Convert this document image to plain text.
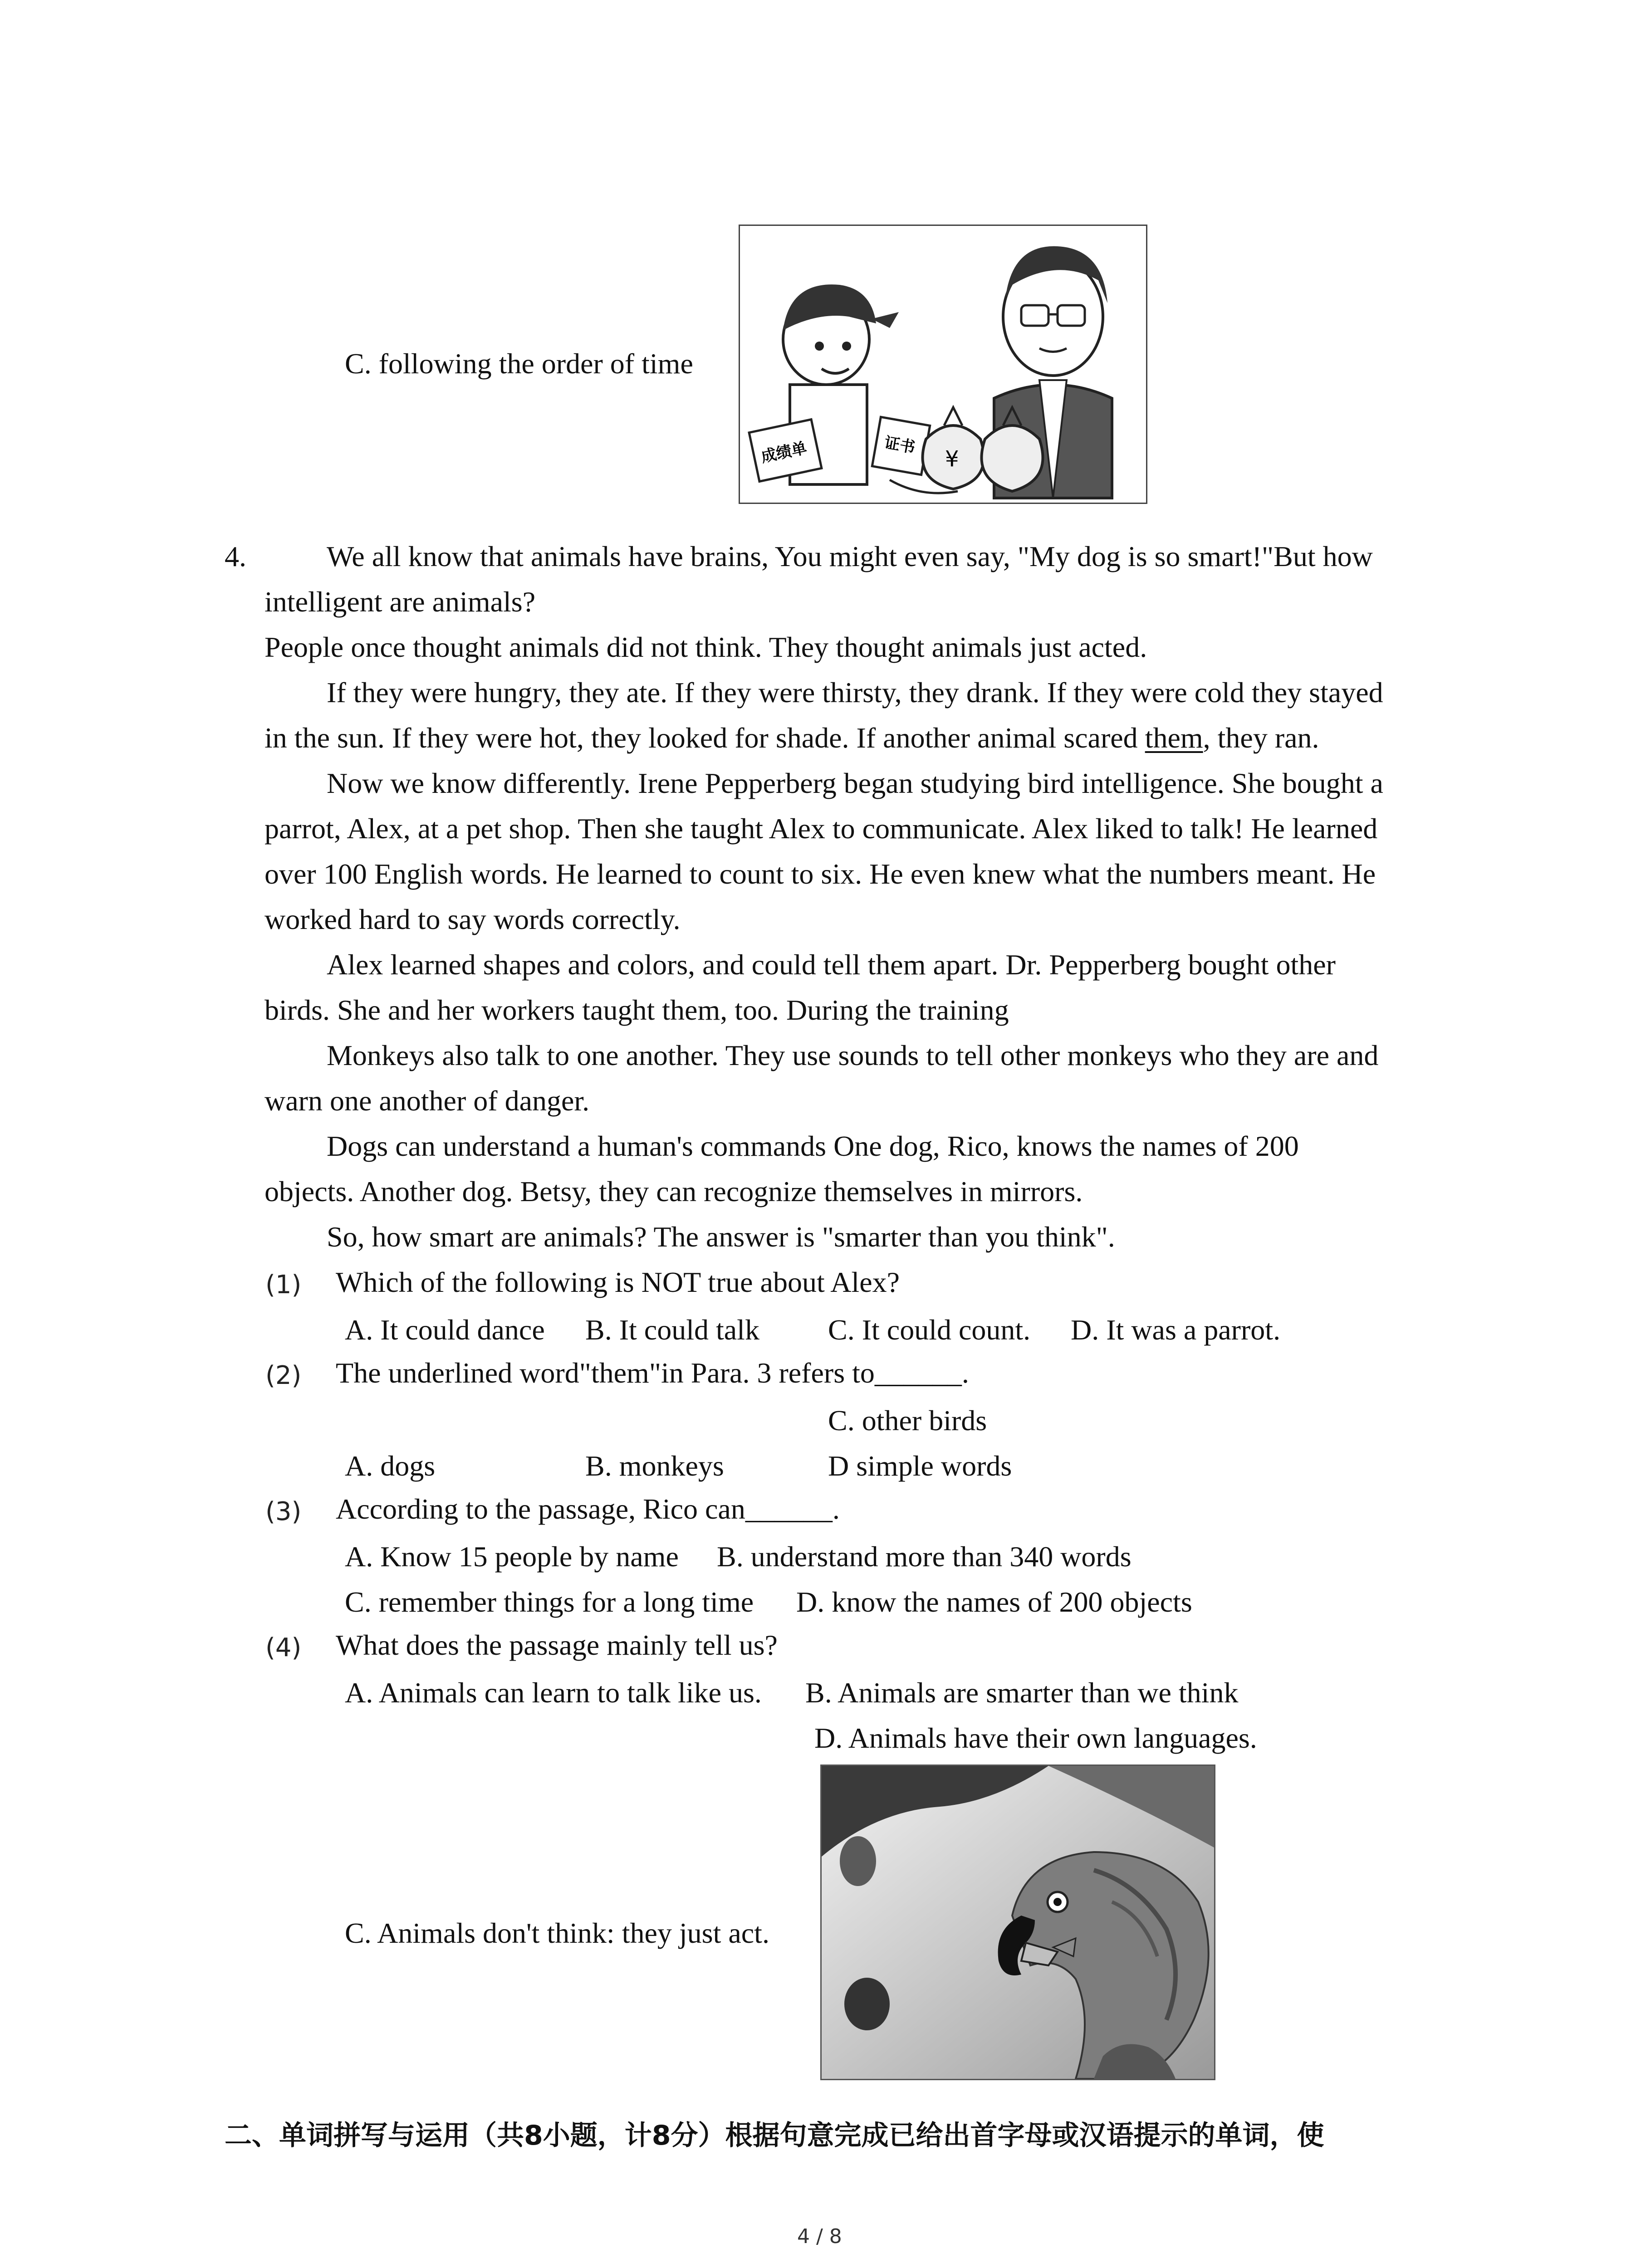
成绩单	证书
¥
C. following the order of time
4.	We all know that animals have brains, You might even say, "My dog is so smart!"But how
intelligent are animals?
People once thought animals did not think. They thought animals just acted.
If they were hungry, they ate. If they were thirsty, they drank. If they were cold they stayed
in the sun. If they were hot, they looked for shade. If another animal scared them, they ran.
Now we know differently. Irene Pepperberg began studying bird intelligence. She bought a
parrot, Alex, at a pet shop. Then she taught Alex to communicate. Alex liked to talk! He learned
over 100 English words. He learned to count to six. He even knew what the numbers meant. He
worked hard to say words correctly.
Alex learned shapes and colors, and could tell them apart. Dr. Pepperberg bought other
birds. She and her workers taught them, too. During the training
Monkeys also talk to one another. They use sounds to tell other monkeys who they are and
warn one another of danger.
Dogs can understand a human's commands One dog, Rico, knows the names of 200
objects. Another dog. Betsy, they can recognize themselves in mirrors.
So, how smart are animals? The answer is "smarter than you think".
(1) Which of the following is NOT true about Alex?
A. It could dance B. It could talk C. It could count. D. It was a parrot.
(2) The underlined word"them"in Para. 3 refers to______.
C. other birds
A. dogs	B. monkeys	D simple words
(3) According to the passage, Rico can______.
A. Know 15 people by name B. understand more than 340 words
C. remember things for a long time D. know the names of 200 objects
(4) What does the passage mainly tell us?
A. Animals can learn to talk like us. B. Animals are smarter than we think
D. Animals have their own languages.
C. Animals don't think: they just act.
二、单词拼写与运用（共8小题，计8分）根据句意完成已给出首字母或汉语提示的单词，使
4 / 8
